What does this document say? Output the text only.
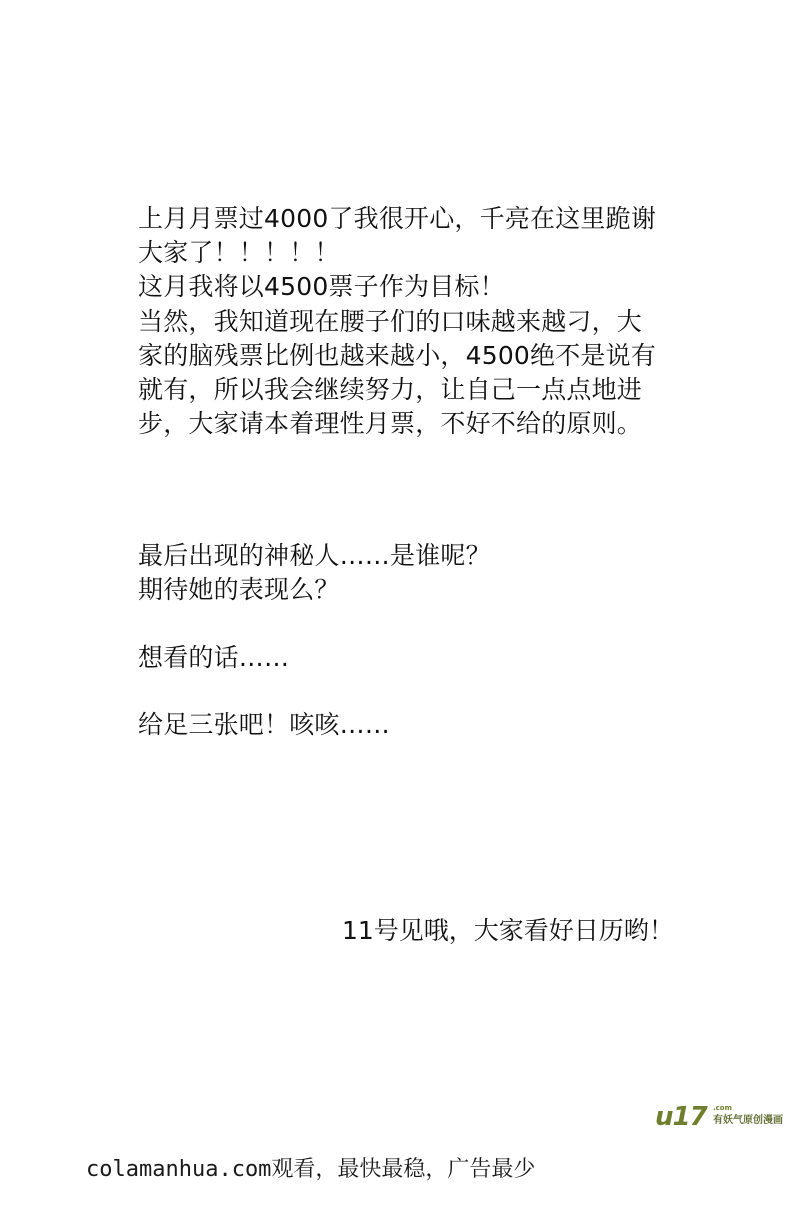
上月月票过4000了我很开心，千亮在这里跪谢
大家了！！！！！
这月我将以4500票子作为目标！
当然，我知道现在腰子们的口味越来越刁，大
家的脑残票比例也越来越小，4500绝不是说有
就有，所以我会继续努力，让自己一点点地进
步，大家请本着理性月票，不好不给的原则。
最后出现的神秘人……是谁呢？
期待她的表现么？
想看的话……
给足三张吧！咳咳……
11号见哦，大家看好日历哟！
u17 .com
有妖气原创漫画
colamanhua.com观看，最快最稳，广告最少
